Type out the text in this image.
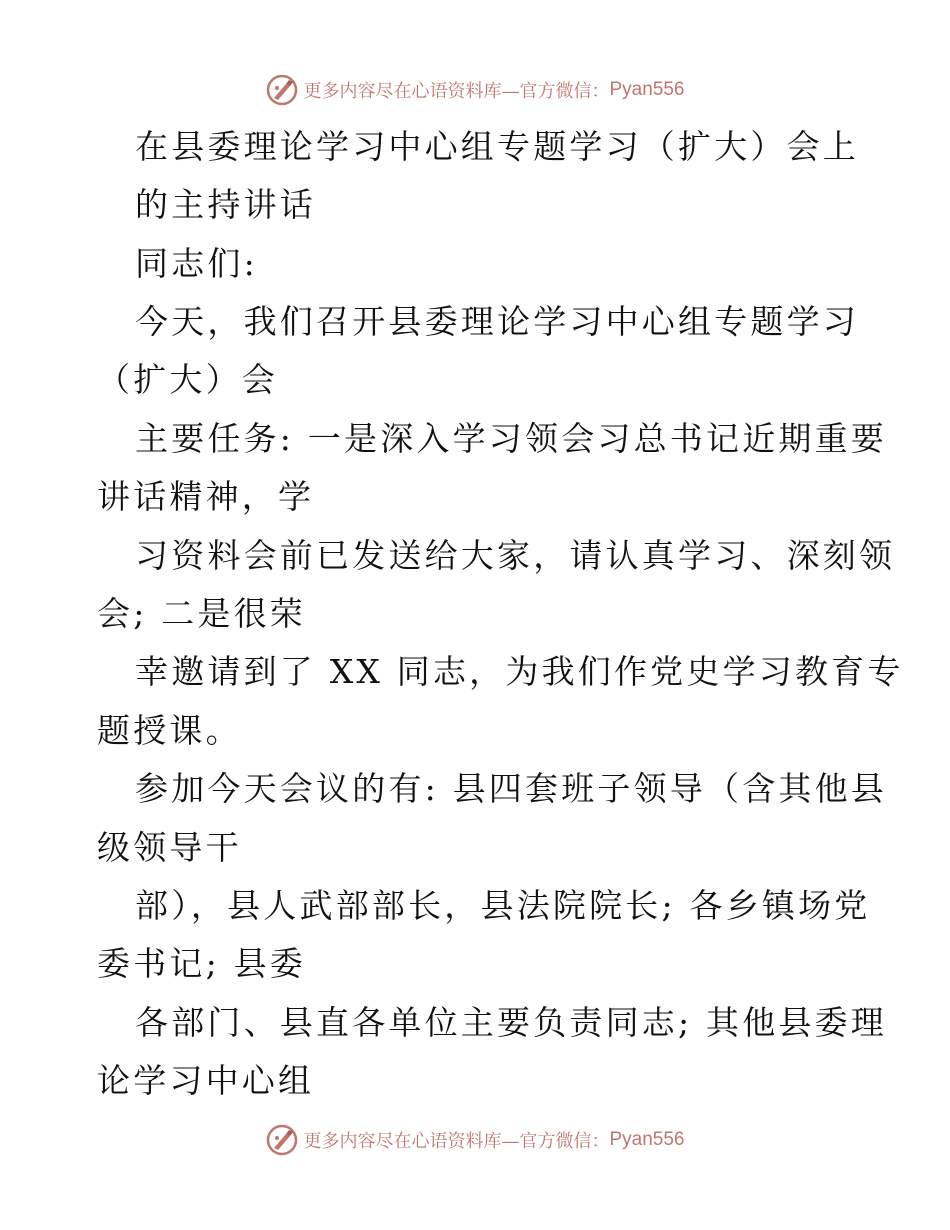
更多内容尽在心语资料库—官方微信： Pyan556
在县委理论学习中心组专题学习（扩大）会上
的主持讲话
同志们:
今天，我们召开县委理论学习中心组专题学习
（扩大）会
主要任务: 一是深入学习领会习总书记近期重要
讲话精神，学
习资料会前已发送给大家，请认真学习、深刻领
会; 二是很荣
幸邀请到了 XX 同志，为我们作党史学习教育专
题授课。
参加今天会议的有: 县四套班子领导（含其他县
级领导干
部），县人武部部长，县法院院长; 各乡镇场党
委书记; 县委
各部门、县直各单位主要负责同志; 其他县委理
论学习中心组
更多内容尽在心语资料库—官方微信： Pyan556
